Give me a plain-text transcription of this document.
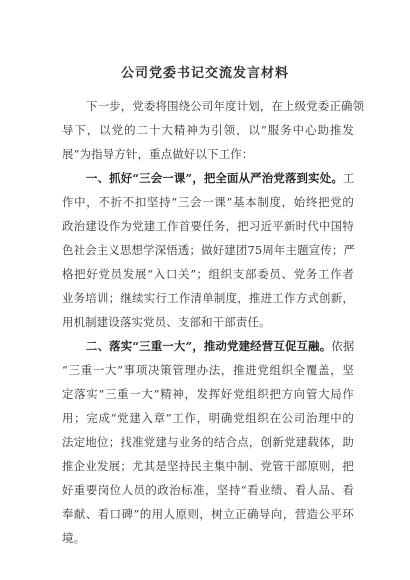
公司党委书记交流发言材料
下一步，党委将围绕公司年度计划，在上级党委正确领
导下，以党的二十大精神为引领，以“服务中心助推发
展”为指导方针，重点做好以下工作：
一、抓好“三会一课”，把全面从严治党落到实处。工
作中，不折不扣坚持“三会一课”基本制度，始终把党的
政治建设作为党建工作首要任务，把习近平新时代中国特
色社会主义思想学深悟透；做好建团75周年主题宣传；严
格把好党员发展“入口关”；组织支部委员、党务工作者
业务培训；继续实行工作清单制度，推进工作方式创新，
用机制建设落实党员、支部和干部责任。
二、落实“三重一大”，推动党建经营互促互融。依据
“三重一大”事项决策管理办法，推进党组织全覆盖，坚
定落实“三重一大”精神，发挥好党组织把方向管大局作
用；完成“党建入章”工作，明确党组织在公司治理中的
法定地位；找准党建与业务的结合点，创新党建载体，助
推企业发展；尤其是坚持民主集中制、党管干部原则，把
好重要岗位人员的政治标准，坚持“看业绩、看人品、看
奉献、看口碑”的用人原则，树立正确导向，营造公平环
境。
